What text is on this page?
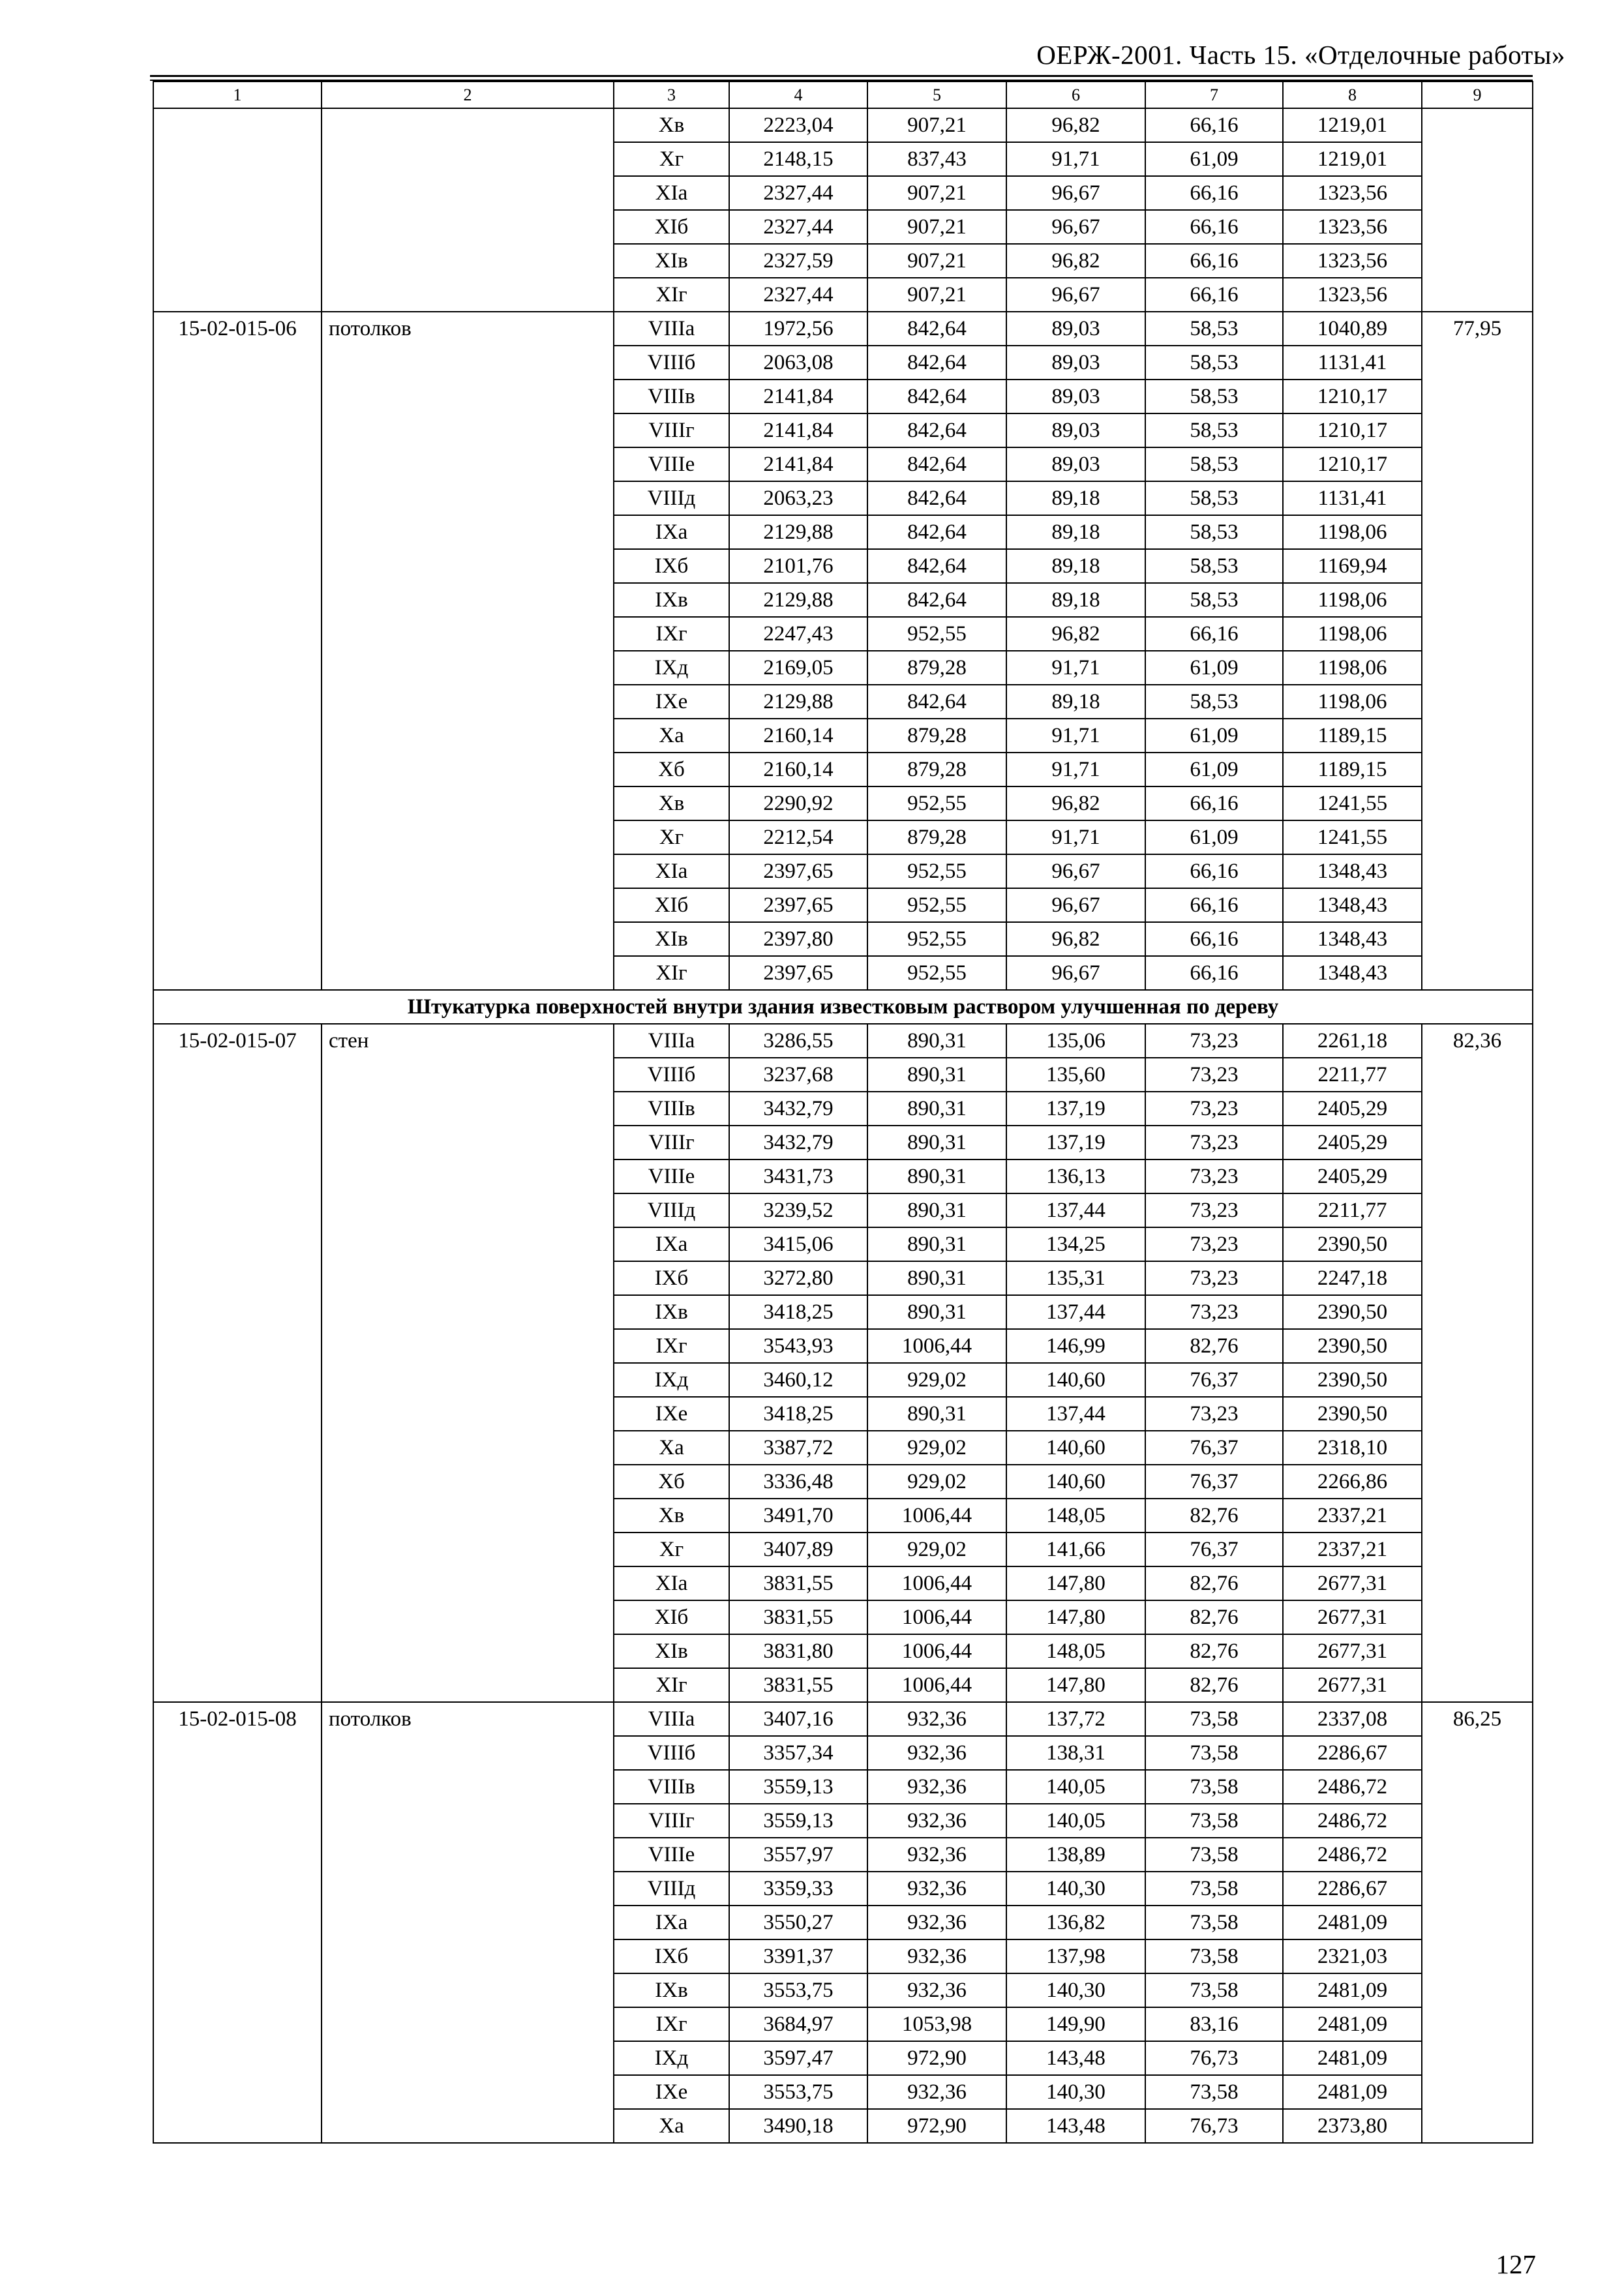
ОЕРЖ-2001. Часть 15. «Отделочные работы»
1	2	3	4	5	6	7	8	9
		Хв	2223,04	907,21	96,82	66,16	1219,01	
		Хг	2148,15	837,43	91,71	61,09	1219,01	
		ХIа	2327,44	907,21	96,67	66,16	1323,56	
		ХIб	2327,44	907,21	96,67	66,16	1323,56	
		ХIв	2327,59	907,21	96,82	66,16	1323,56	
		ХIг	2327,44	907,21	96,67	66,16	1323,56	
15-02-015-06	потолков	VIIIа	1972,56	842,64	89,03	58,53	1040,89	77,95
		VIIIб	2063,08	842,64	89,03	58,53	1131,41	
		VIIIв	2141,84	842,64	89,03	58,53	1210,17	
		VIIIг	2141,84	842,64	89,03	58,53	1210,17	
		VIIIе	2141,84	842,64	89,03	58,53	1210,17	
		VIIIд	2063,23	842,64	89,18	58,53	1131,41	
		IХа	2129,88	842,64	89,18	58,53	1198,06	
		IХб	2101,76	842,64	89,18	58,53	1169,94	
		IХв	2129,88	842,64	89,18	58,53	1198,06	
		IХг	2247,43	952,55	96,82	66,16	1198,06	
		IХд	2169,05	879,28	91,71	61,09	1198,06	
		IХе	2129,88	842,64	89,18	58,53	1198,06	
		Ха	2160,14	879,28	91,71	61,09	1189,15	
		Хб	2160,14	879,28	91,71	61,09	1189,15	
		Хв	2290,92	952,55	96,82	66,16	1241,55	
		Хг	2212,54	879,28	91,71	61,09	1241,55	
		ХIа	2397,65	952,55	96,67	66,16	1348,43	
		ХIб	2397,65	952,55	96,67	66,16	1348,43	
		ХIв	2397,80	952,55	96,82	66,16	1348,43	
		ХIг	2397,65	952,55	96,67	66,16	1348,43	
Штукатурка поверхностей внутри здания известковым раствором улучшенная по дереву								
15-02-015-07	стен	VIIIа	3286,55	890,31	135,06	73,23	2261,18	82,36
		VIIIб	3237,68	890,31	135,60	73,23	2211,77	
		VIIIв	3432,79	890,31	137,19	73,23	2405,29	
		VIIIг	3432,79	890,31	137,19	73,23	2405,29	
		VIIIе	3431,73	890,31	136,13	73,23	2405,29	
		VIIIд	3239,52	890,31	137,44	73,23	2211,77	
		IХа	3415,06	890,31	134,25	73,23	2390,50	
		IХб	3272,80	890,31	135,31	73,23	2247,18	
		IХв	3418,25	890,31	137,44	73,23	2390,50	
		IХг	3543,93	1006,44	146,99	82,76	2390,50	
		IХд	3460,12	929,02	140,60	76,37	2390,50	
		IХе	3418,25	890,31	137,44	73,23	2390,50	
		Ха	3387,72	929,02	140,60	76,37	2318,10	
		Хб	3336,48	929,02	140,60	76,37	2266,86	
		Хв	3491,70	1006,44	148,05	82,76	2337,21	
		Хг	3407,89	929,02	141,66	76,37	2337,21	
		ХIа	3831,55	1006,44	147,80	82,76	2677,31	
		ХIб	3831,55	1006,44	147,80	82,76	2677,31	
		ХIв	3831,80	1006,44	148,05	82,76	2677,31	
		ХIг	3831,55	1006,44	147,80	82,76	2677,31	
15-02-015-08	потолков	VIIIа	3407,16	932,36	137,72	73,58	2337,08	86,25
		VIIIб	3357,34	932,36	138,31	73,58	2286,67	
		VIIIв	3559,13	932,36	140,05	73,58	2486,72	
		VIIIг	3559,13	932,36	140,05	73,58	2486,72	
		VIIIе	3557,97	932,36	138,89	73,58	2486,72	
		VIIIд	3359,33	932,36	140,30	73,58	2286,67	
		IХа	3550,27	932,36	136,82	73,58	2481,09	
		IХб	3391,37	932,36	137,98	73,58	2321,03	
		IХв	3553,75	932,36	140,30	73,58	2481,09	
		IХг	3684,97	1053,98	149,90	83,16	2481,09	
		IХд	3597,47	972,90	143,48	76,73	2481,09	
		IХе	3553,75	932,36	140,30	73,58	2481,09	
		Ха	3490,18	972,90	143,48	76,73	2373,80	
127
